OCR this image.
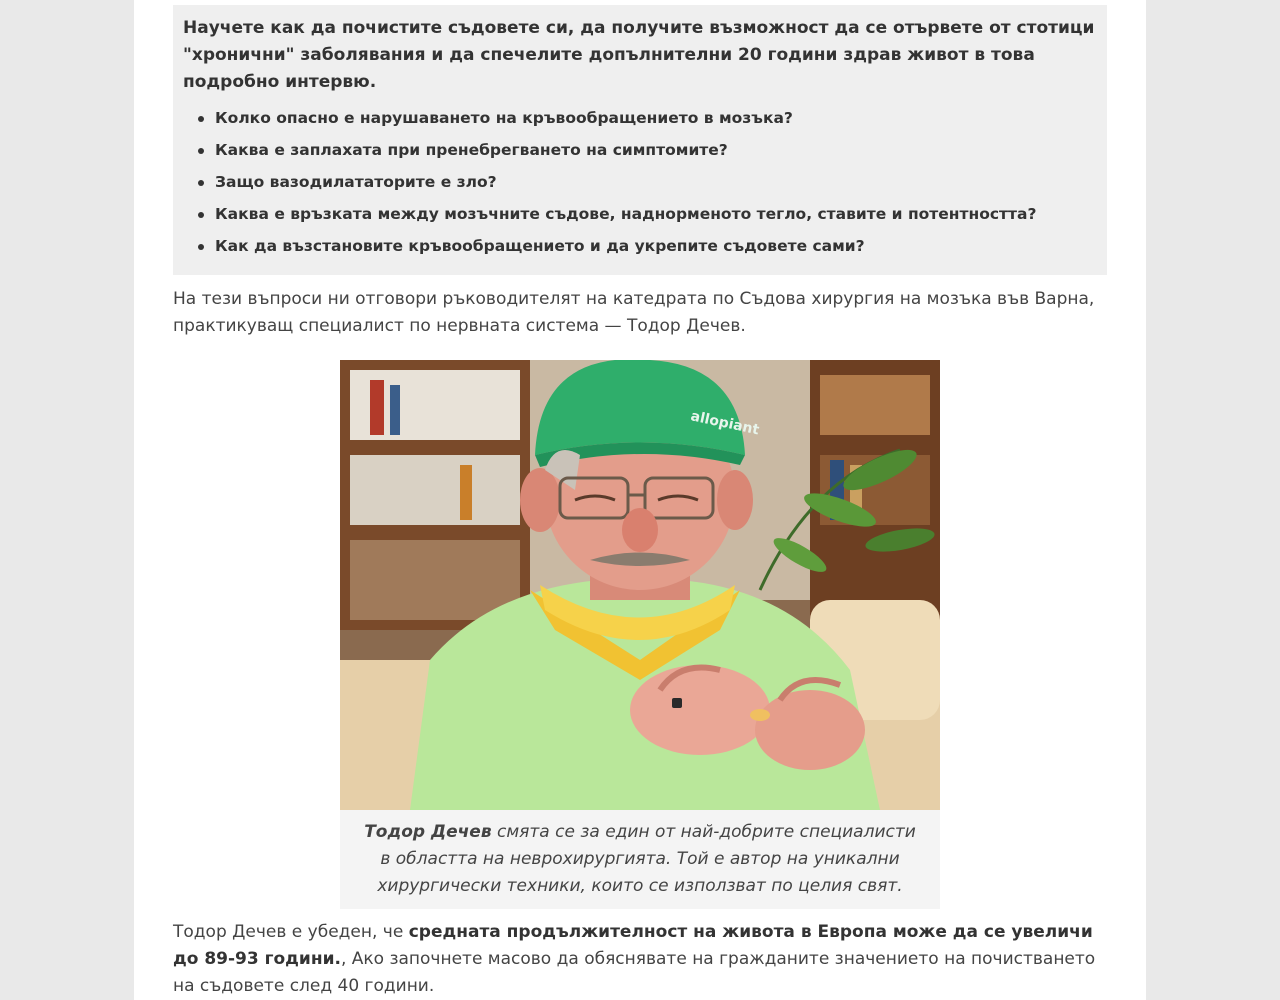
Научете как да почистите съдовете си, да получите възможност да се отървете от стотици "хронични" заболявания и да спечелите допълнителни 20 години здрав живот в това подробно интервю.

Колко опасно е нарушаването на кръвообращението в мозъка?
Каква е заплахата при пренебрегването на симптомите?
Защо вазодилататорите е зло?
Каква е връзката между мозъчните съдове, наднорменото тегло, ставите и потентността?
Как да възстановите кръвообращението и да укрепите съдовете сами?

На тези въпроси ни отговори ръководителят на катедрата по Съдова хирургия на мозъка във Варна, практикуващ специалист по нервната система — Тодор Дечев.

allopiant
Тодор Дечев смята се за един от най-добрите специалисти в областта на неврохирургията. Той е автор на уникални хирургически техники, които се използват по целия свят.

Тодор Дечев е убеден, че средната продължителност на живота в Европа може да се увеличи до 89-93 години., Ако започнете масово да обяснявате на гражданите значението на почистването на съдовете след 40 години.
